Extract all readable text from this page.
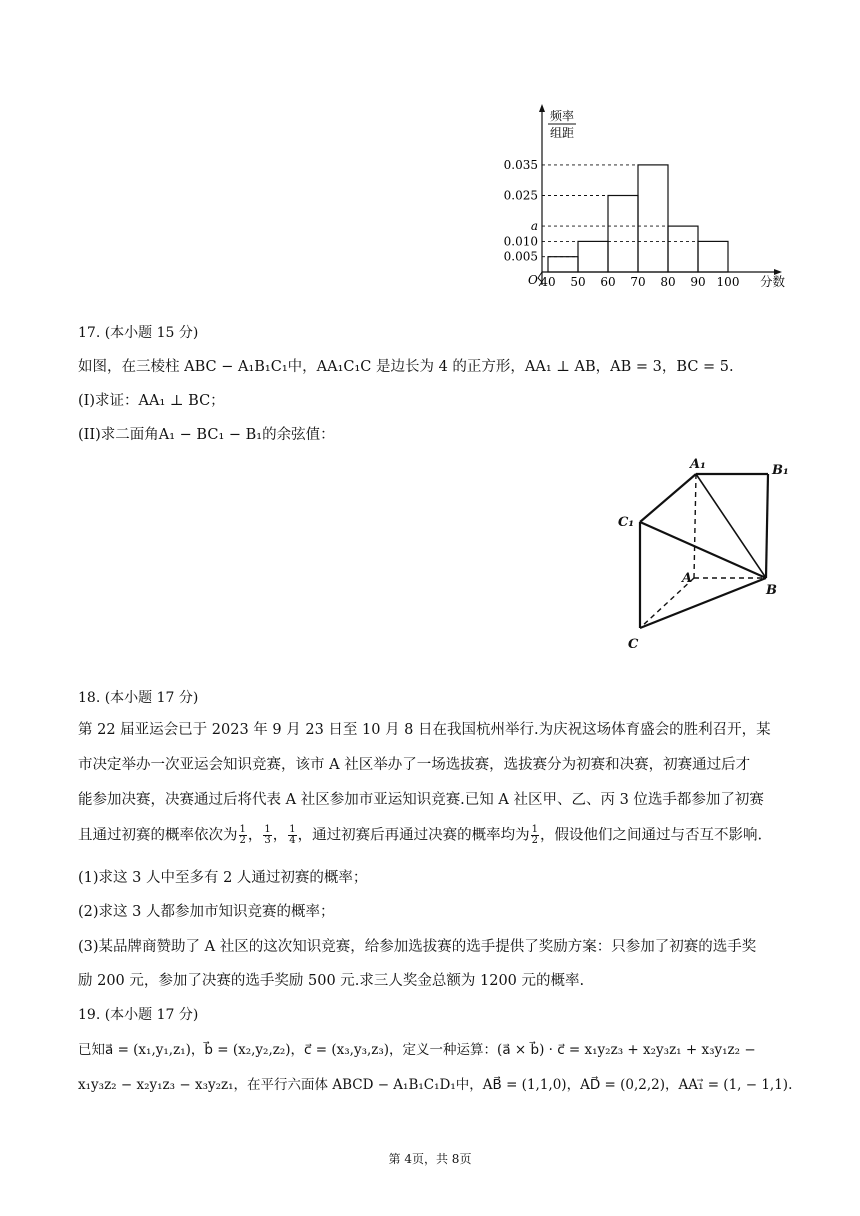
频率
组距
0.035
0.025
a
0.010
0.005
40 50 60 70 80 90 100 分数
O
17. (本小题 15 分)
如图，在三棱柱 ABC − A₁B₁C₁中，AA₁C₁C 是边长为 4 的正方形，AA₁ ⊥ AB，AB = 3，BC = 5.
(I)求证：AA₁ ⊥ BC；
(II)求二面角A₁ − BC₁ − B₁的余弦值：
A₁	B₁
C₁
A
B
C
18. (本小题 17 分)
第 22 届亚运会已于 2023 年 9 月 23 日至 10 月 8 日在我国杭州举行.为庆祝这场体育盛会的胜利召开，某
市决定举办一次亚运会知识竞赛，该市 A 社区举办了一场选拔赛，选拔赛分为初赛和决赛，初赛通过后才
能参加决赛，决赛通过后将代表 A 社区参加市亚运知识竞赛.已知 A 社区甲、乙、丙 3 位选手都参加了初赛
且通过初赛的概率依次为 $\frac{1}{2}$ ， $\frac{1}{3}$ ， $\frac{1}{4}$ ，通过初赛后再通过决赛的概率均为 $\frac{1}{2}$ ，假设他们之间通过与否互不影响.
(1)求这 3 人中至多有 2 人通过初赛的概率；
(2)求这 3 人都参加市知识竞赛的概率；
(3)某品牌商赞助了 A 社区的这次知识竞赛，给参加选拔赛的选手提供了奖励方案：只参加了初赛的选手奖
励 200 元，参加了决赛的选手奖励 500 元.求三人奖金总额为 1200 元的概率.
19. (本小题 17 分)
已知a⃗ = (x₁,y₁,z₁)，b⃗ = (x₂,y₂,z₂)，c⃗ = (x₃,y₃,z₃)，定义一种运算：(a⃗ × b⃗) · c⃗ = x₁y₂z₃ + x₂y₃z₁ + x₃y₁z₂ −
x₁y₃z₂ − x₂y₁z₃ − x₃y₂z₁，在平行六面体 ABCD − A₁B₁C₁D₁中，AB⃗ = (1,1,0)，AD⃗ = (0,2,2)，AA₁⃗ = (1, − 1,1).
第 4页，共 8页
